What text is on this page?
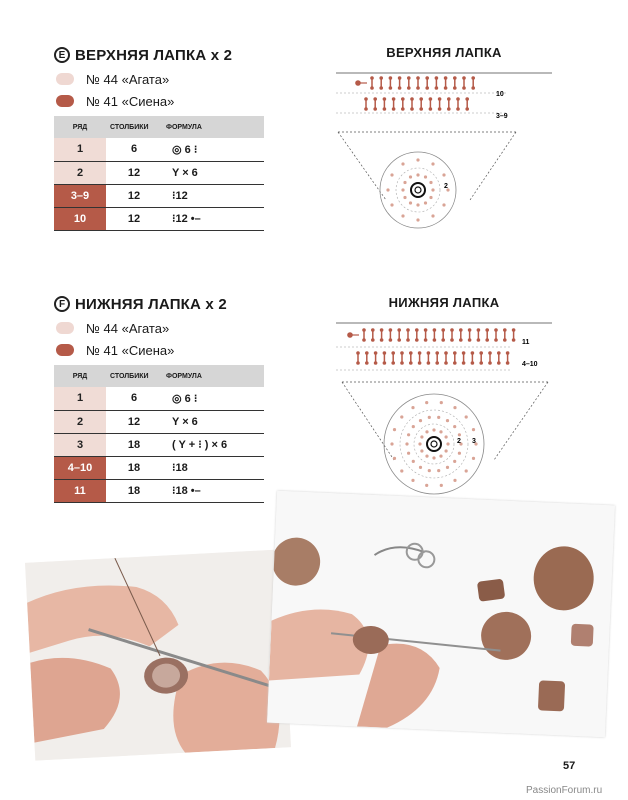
E ВЕРХНЯЯ ЛАПКА х 2
№ 44 «Агата»
№ 41 «Сиена»
РЯД	СТОЛБИКИ	ФОРМУЛА
1	6	◎ 6 ⁝
2	12	Y × 6
3–9	12	⁝12
10	12	⁝12 •–
F НИЖНЯЯ ЛАПКА х 2
№ 44 «Агата»
№ 41 «Сиена»
РЯД	СТОЛБИКИ	ФОРМУЛА
1	6	◎ 6 ⁝
2	12	Y × 6
3	18	( Y + ⁝ ) × 6
4–10	18	⁝18
11	18	⁝18 •–
ВЕРХНЯЯ ЛАПКА
10
3–9
2
НИЖНЯЯ ЛАПКА
11
4–10
2 3
57
PassionForum.ru
